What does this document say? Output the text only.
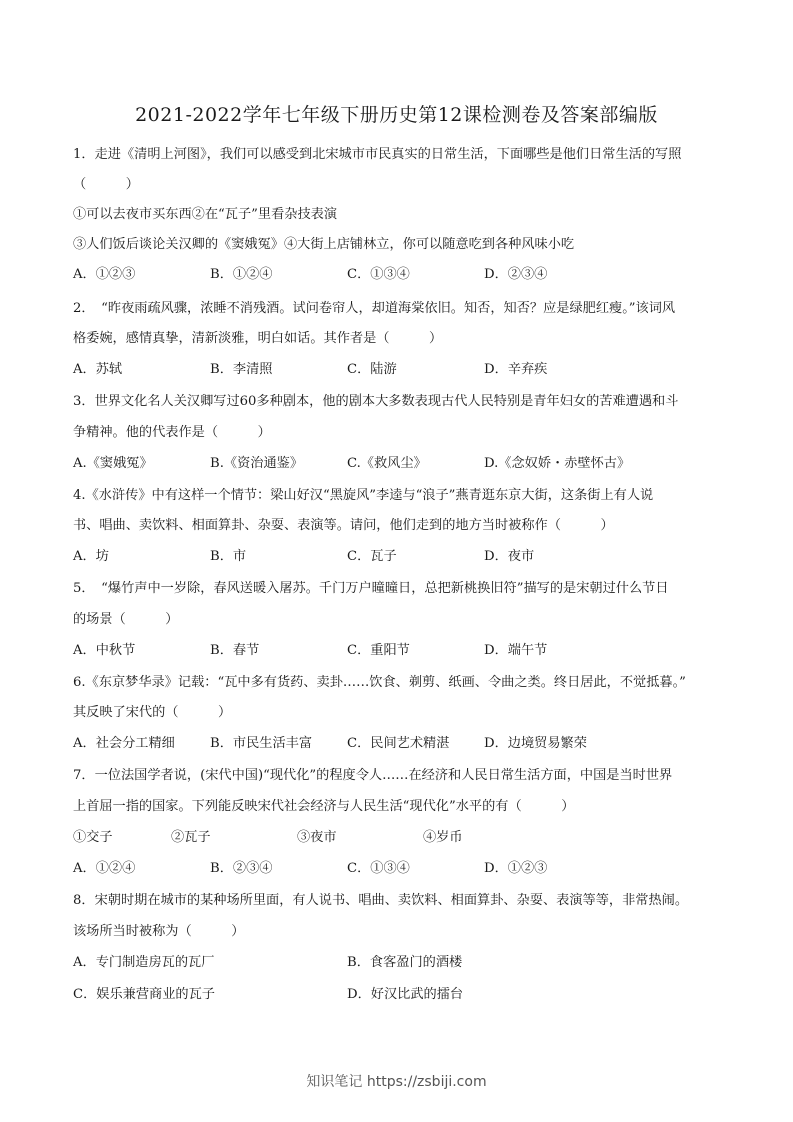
2021-2022学年七年级下册历史第12课检测卷及答案部编版
1．走进《清明上河图》，我们可以感受到北宋城市市民真实的日常生活，下面哪些是他们日常生活的写照
（　　　）
①可以去夜市买东西②在“瓦子”里看杂技表演
③人们饭后谈论关汉卿的《窦娥冤》④大街上店铺林立，你可以随意吃到各种风味小吃
A．①②③	B．①②④	C．①③④	D．②③④
2．　“昨夜雨疏风骤，浓睡不消残酒。试问卷帘人，却道海棠依旧。知否，知否？应是绿肥红瘦。”该词风
格委婉，感情真挚，清新淡雅，明白如话。其作者是（　　　）
A．苏轼	B．李清照	C．陆游	D．辛弃疾
3．世界文化名人关汉卿写过60多种剧本，他的剧本大多数表现古代人民特别是青年妇女的苦难遭遇和斗
争精神。他的代表作是（　　　）
A.《窦娥冤》	B.《资治通鉴》	C.《救风尘》	D.《念奴娇・赤壁怀古》
4.《水浒传》中有这样一个情节：梁山好汉“黑旋风”李逵与“浪子”燕青逛东京大街，这条街上有人说
书、唱曲、卖饮料、相面算卦、杂耍、表演等。请问，他们走到的地方当时被称作（　　　）
A．坊	B．市	C．瓦子	D．夜市
5．　“爆竹声中一岁除，春风送暖入屠苏。千门万户曈曈日，总把新桃换旧符”描写的是宋朝过什么节日
的场景（　　　）
A．中秋节	B．春节	C．重阳节	D．端午节
6.《东京梦华录》记载：“瓦中多有货药、卖卦……饮食、剃剪、纸画、令曲之类。终日居此，不觉抵暮。”
其反映了宋代的（　　　）
A．社会分工精细	B．市民生活丰富	C．民间艺术精湛	D．边境贸易繁荣
7．一位法国学者说，(宋代中国)“现代化”的程度令人……在经济和人民日常生活方面，中国是当时世界
上首屈一指的国家。下列能反映宋代社会经济与人民生活“现代化”水平的有（　　　）
①交子	②瓦子	③夜市	④岁币
A．①②④	B．②③④	C．①③④	D．①②③
8．宋朝时期在城市的某种场所里面，有人说书、唱曲、卖饮料、相面算卦、杂耍、表演等等，非常热闹。
该场所当时被称为（　　　）
A．专门制造房瓦的瓦厂	B．食客盈门的酒楼
C．娱乐兼营商业的瓦子	D．好汉比武的擂台
知识笔记 https://zsbiji.com
